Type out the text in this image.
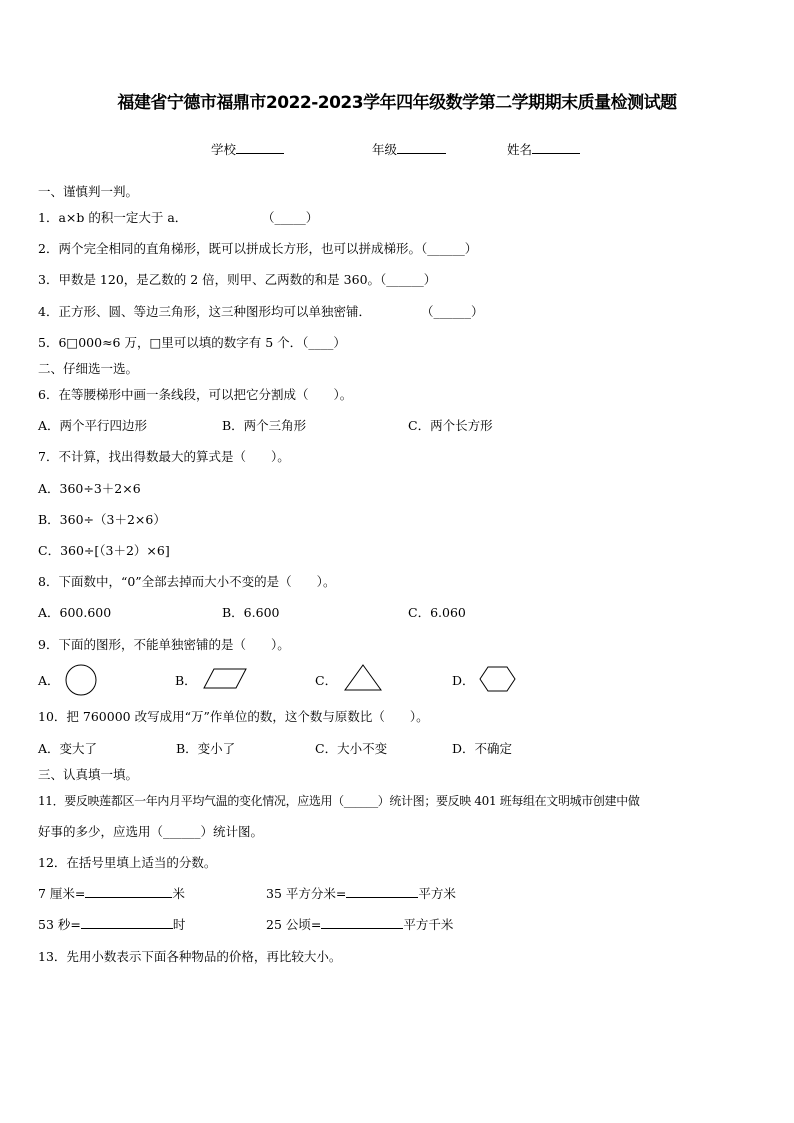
福建省宁德市福鼎市2022-2023学年四年级数学第二学期期末质量检测试题
学校	年级	姓名
一、谨慎判一判。
1．a×b 的积一定大于 a．	（_____）
2．两个完全相同的直角梯形，既可以拼成长方形，也可以拼成梯形。（______）
3．甲数是 120，是乙数的 2 倍，则甲、乙两数的和是 360。（______）
4．正方形、圆、等边三角形，这三种图形均可以单独密铺．	（______）
5．6□000≈6 万，□里可以填的数字有 5 个．（____）
二、仔细选一选。
6．在等腰梯形中画一条线段，可以把它分割成（　　）。
A．两个平行四边形	B．两个三角形	C．两个长方形
7．不计算，找出得数最大的算式是（　　）。
A．360÷3＋2×6
B．360÷（3＋2×6）
C．360÷[（3＋2）×6]
8．下面数中，“0”全部去掉而大小不变的是（　　）。
A．600.600	B．6.600	C．6.060
9．下面的图形，不能单独密铺的是（　　）。
A．	B．	C．	D．
10．把 760000 改写成用“万”作单位的数，这个数与原数比（　　）。
A．变大了	B．变小了	C．大小不变	D．不确定
三、认真填一填。
11．要反映莲都区一年内月平均气温的变化情况，应选用（______）统计图；要反映 401 班每组在文明城市创建中做
好事的多少，应选用（______）统计图。
12．在括号里填上适当的分数。
7 厘米=	米	35 平方分米=	平方米
53 秒=	时	25 公顷=	平方千米
13．先用小数表示下面各种物品的价格，再比较大小。
